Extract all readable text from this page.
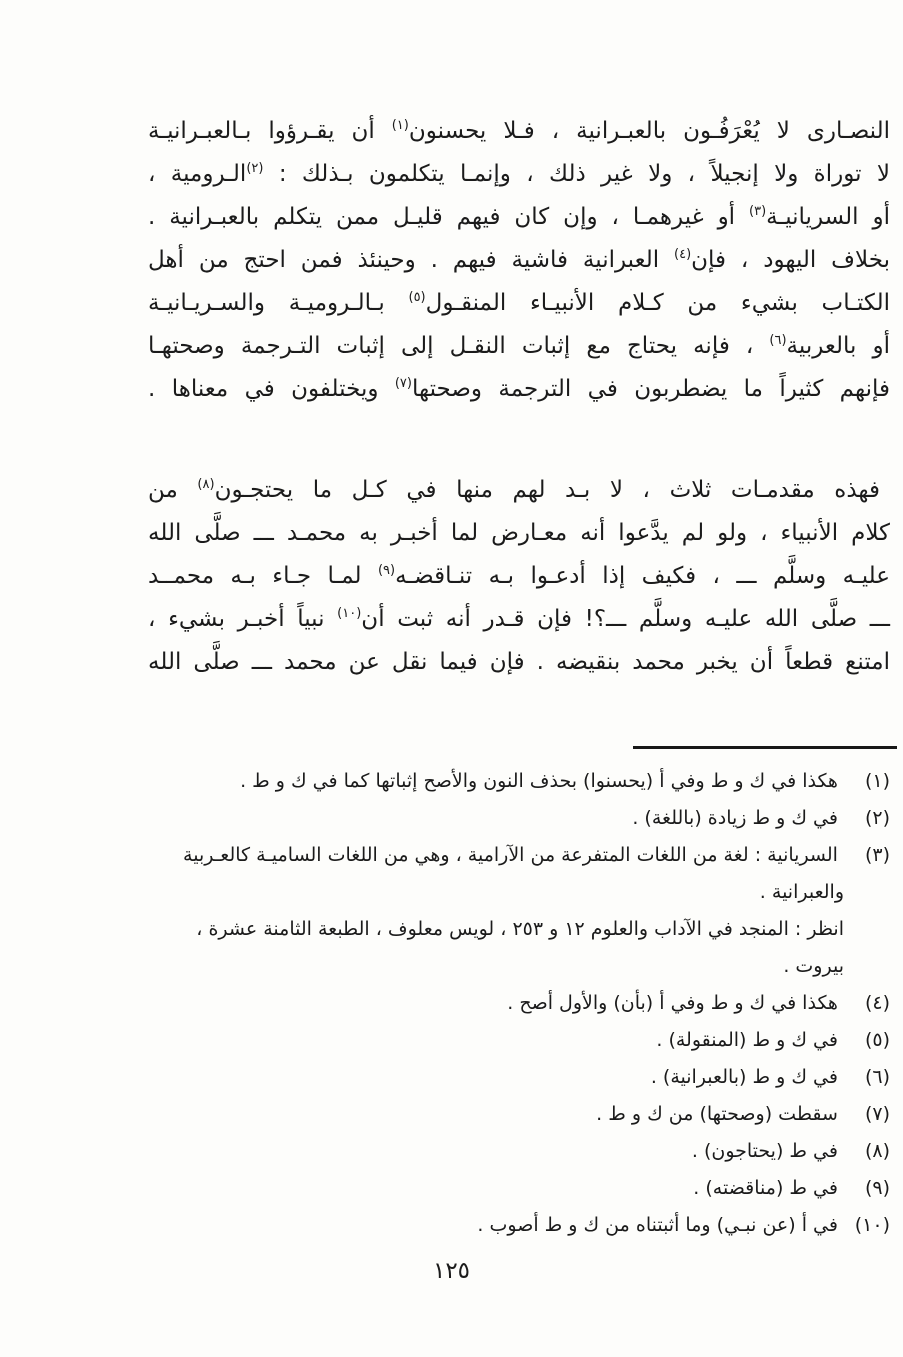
النصـارى لا يُعْرَفُـون بالعبـرانية ، فـلا يحسنون$^{(١)}$ أن يقـرؤوا بـالعبـرانيـة
لا توراة ولا إنجيلاً ، ولا غير ذلك ، وإنمـا يتكلمون بـذلك : $^{(٢)}$الـرومية ،
أو السريانيـة$^{(٣)}$ أو غيرهمـا ، وإن كان فيهم قليـل ممن يتكلم بالعبـرانية .
بخلاف اليهود ، فإن$^{(٤)}$ العبرانية فاشية فيهم . وحينئذ فمن احتج من أهل
الكتـاب بشيء من كـلام الأنبيـاء المنقـول$^{(٥)}$ بـالـروميـة والسـريـانيـة
أو بالعربية$^{(٦)}$ ، فإنه يحتاج مع إثبات النقـل إلى إثبات التـرجمة وصحتهـا
فإنهم كثيراً ما يضطربون في الترجمة وصحتها$^{(٧)}$ ويختلفون في معناها .
فهذه مقدمـات ثلاث ، لا بـد لهم منها في كـل ما يحتجـون$^{(٨)}$ من
كلام الأنبياء ، ولو لم يدَّعوا أنه معـارض لما أخبـر به محمـد ـــ صلَّى الله
عليـه وسلَّم ـــ ، فكيف إذا أدعـوا بـه تنـاقضـه$^{(٩)}$ لمـا جـاء بـه محمــد
ـــ صلَّى الله عليـه وسلَّم ـــ؟! فإن قـدر أنه ثبت أن$^{(١٠)}$ نبياً أخبـر بشيء ،
امتنع قطعاً أن يخبر محمد بنقيضه . فإن فيما نقل عن محمد ـــ صلَّى الله
(١) هكذا في ك و ط وفي أ (يحسنوا) بحذف النون والأصح إثباتها كما في ك و ط .
(٢) في ك و ط زيادة (باللغة) .
(٣) السريانية : لغة من اللغات المتفرعة من الآرامية ، وهي من اللغات الساميـة كالعـربية
والعبرانية .
انظر : المنجد في الآداب والعلوم ١٢ و ٢٥٣ ، لويس معلوف ، الطبعة الثامنة عشرة ،
بيروت .
(٤) هكذا في ك و ط وفي أ (بأن) والأول أصح .
(٥) في ك و ط (المنقولة) .
(٦) في ك و ط (بالعبرانية) .
(٧) سقطت (وصحتها) من ك و ط .
(٨) في ط (يحتاجون) .
(٩) في ط (مناقضته) .
(١٠) في أ (عن نبـي) وما أثبتناه من ك و ط أصوب .
١٢٥
